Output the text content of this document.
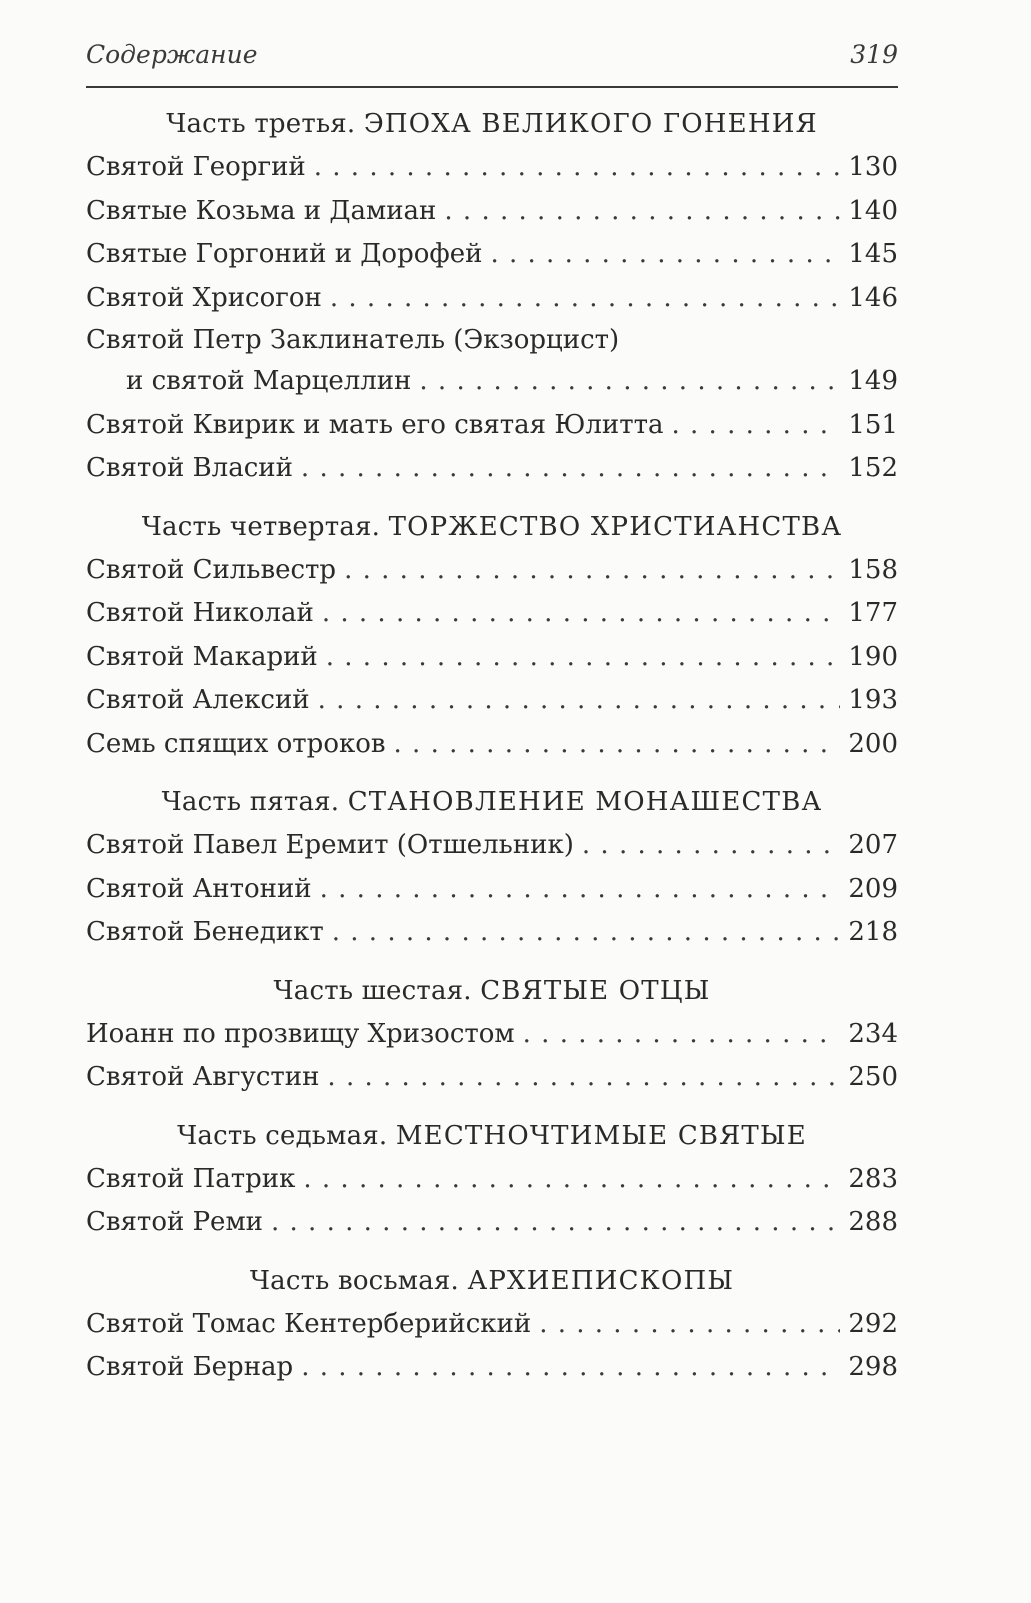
Содержание	319
Часть третья. ЭПОХА ВЕЛИКОГО ГОНЕНИЯ
Святой Георгий . . .	130
Святые Козьма и Дамиан . . .	140
Святые Горгоний и Дорофей . . .	145
Святой Хрисогон . . .	146
Святой Петр Заклинатель (Экзорцист)
и святой Марцеллин . . .	149
Святой Квирик и мать его святая Юлитта . . .	151
Святой Власий . . .	152
Часть четвертая. ТОРЖЕСТВО ХРИСТИАНСТВА
Святой Сильвестр . . .	158
Святой Николай . . .	177
Святой Макарий . . .	190
Святой Алексий . . .	193
Семь спящих отроков . . .	200
Часть пятая. СТАНОВЛЕНИЕ МОНАШЕСТВА
Святой Павел Еремит (Отшельник) . . .	207
Святой Антоний . . .	209
Святой Бенедикт . . .	218
Часть шестая. СВЯТЫЕ ОТЦЫ
Иоанн по прозвищу Хризостом . . .	234
Святой Августин . . .	250
Часть седьмая. МЕСТНОЧТИМЫЕ СВЯТЫЕ
Святой Патрик . . .	283
Святой Реми . . .	288
Часть восьмая. АРХИЕПИСКОПЫ
Святой Томас Кентерберийский . . .	292
Святой Бернар . . .	298
